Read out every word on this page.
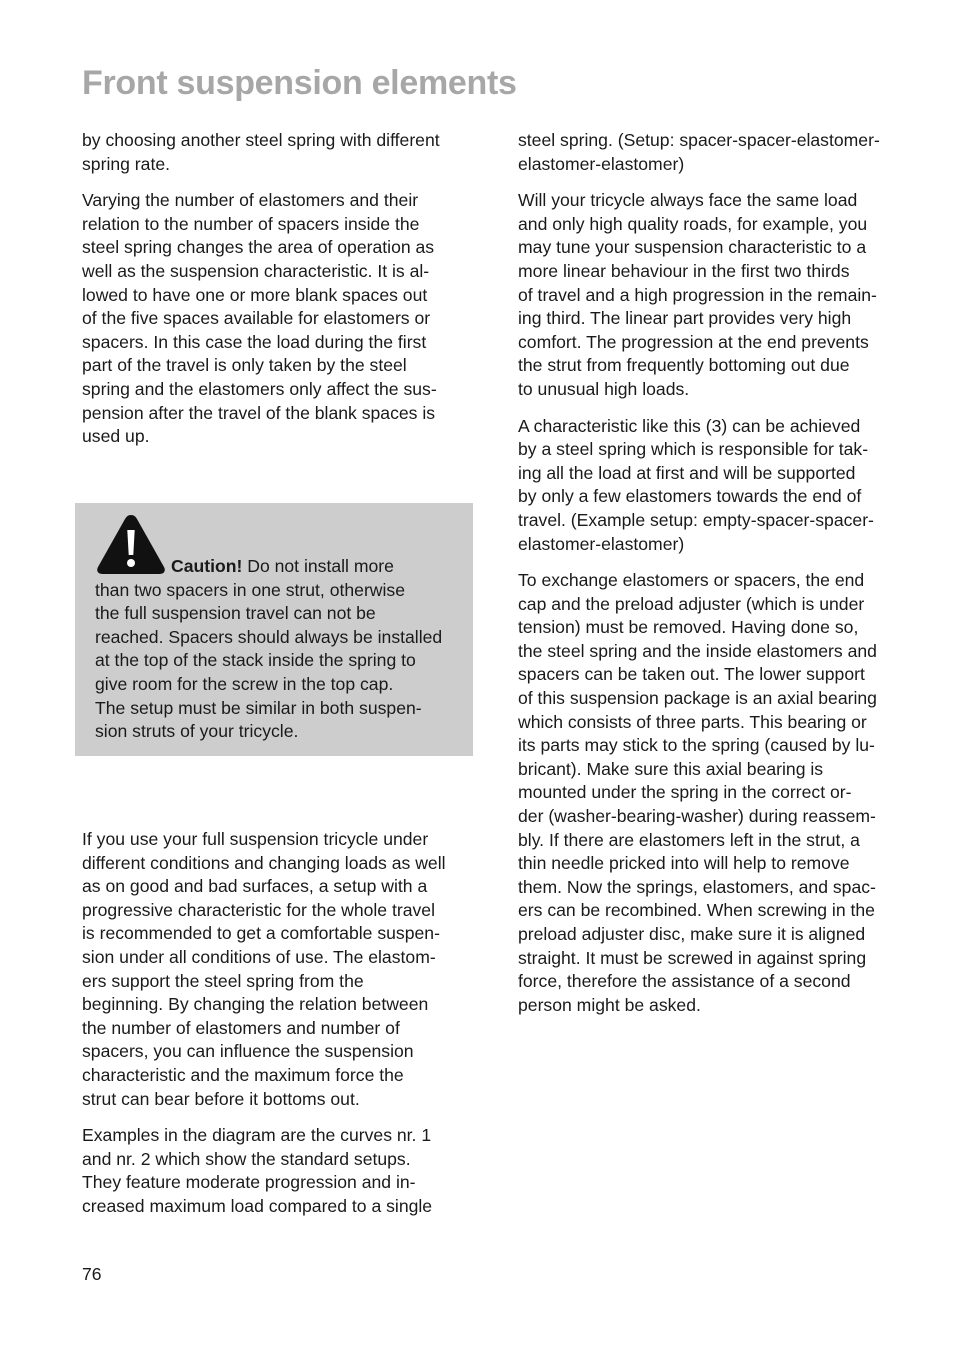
Front suspension elements

by choosing another steel spring with different
spring rate.

Varying the number of elastomers and their
relation to the number of spacers inside the
steel spring changes the area of operation as
well as the suspension characteristic. It is al-
lowed to have one or more blank spaces out
of the five spaces available for elastomers or
spacers. In this case the load during the first
part of the travel is only taken by the steel
spring and the elastomers only affect the sus-
pension after the travel of the blank spaces is
used up.

Caution! Do not install more
than two spacers in one strut, otherwise
the full suspension travel can not be
reached. Spacers should always be installed
at the top of the stack inside the spring to
give room for the screw in the top cap.
The setup must be similar in both suspen-
sion struts of your tricycle.

If you use your full suspension tricycle under
different conditions and changing loads as well
as on good and bad surfaces, a setup with a
progressive characteristic for the whole travel
is recommended to get a comfortable suspen-
sion under all conditions of use. The elastom-
ers support the steel spring from the
beginning. By changing the relation between
the number of elastomers and number of
spacers, you can influence the suspension
characteristic and the maximum force the
strut can bear before it bottoms out.

Examples in the diagram are the curves nr. 1
and nr. 2 which show the standard setups.
They feature moderate progression and in-
creased maximum load compared to a single

steel spring. (Setup: spacer-spacer-elastomer-
elastomer-elastomer)

Will your tricycle always face the same load
and only high quality roads, for example, you
may tune your suspension characteristic to a
more linear behaviour in the first two thirds
of travel and a high progression in the remain-
ing third. The linear part provides very high
comfort. The progression at the end prevents
the strut from frequently bottoming out due
to unusual high loads.

A characteristic like this (3) can be achieved
by a steel spring which is responsible for tak-
ing all the load at first and will be supported
by only a few elastomers towards the end of
travel. (Example setup: empty-spacer-spacer-
elastomer-elastomer)

To exchange elastomers or spacers, the end
cap and the preload adjuster (which is under
tension) must be removed. Having done so,
the steel spring and the inside elastomers and
spacers can be taken out. The lower support
of this suspension package is an axial bearing
which consists of three parts. This bearing or
its parts may stick to the spring (caused by lu-
bricant). Make sure this axial bearing is
mounted under the spring in the correct or-
der (washer-bearing-washer) during reassem-
bly. If there are elastomers left in the strut, a
thin needle pricked into will help to remove
them. Now the springs, elastomers, and spac-
ers can be recombined. When screwing in the
preload adjuster disc, make sure it is aligned
straight. It must be screwed in against spring
force, therefore the assistance of a second
person might be asked.

76
